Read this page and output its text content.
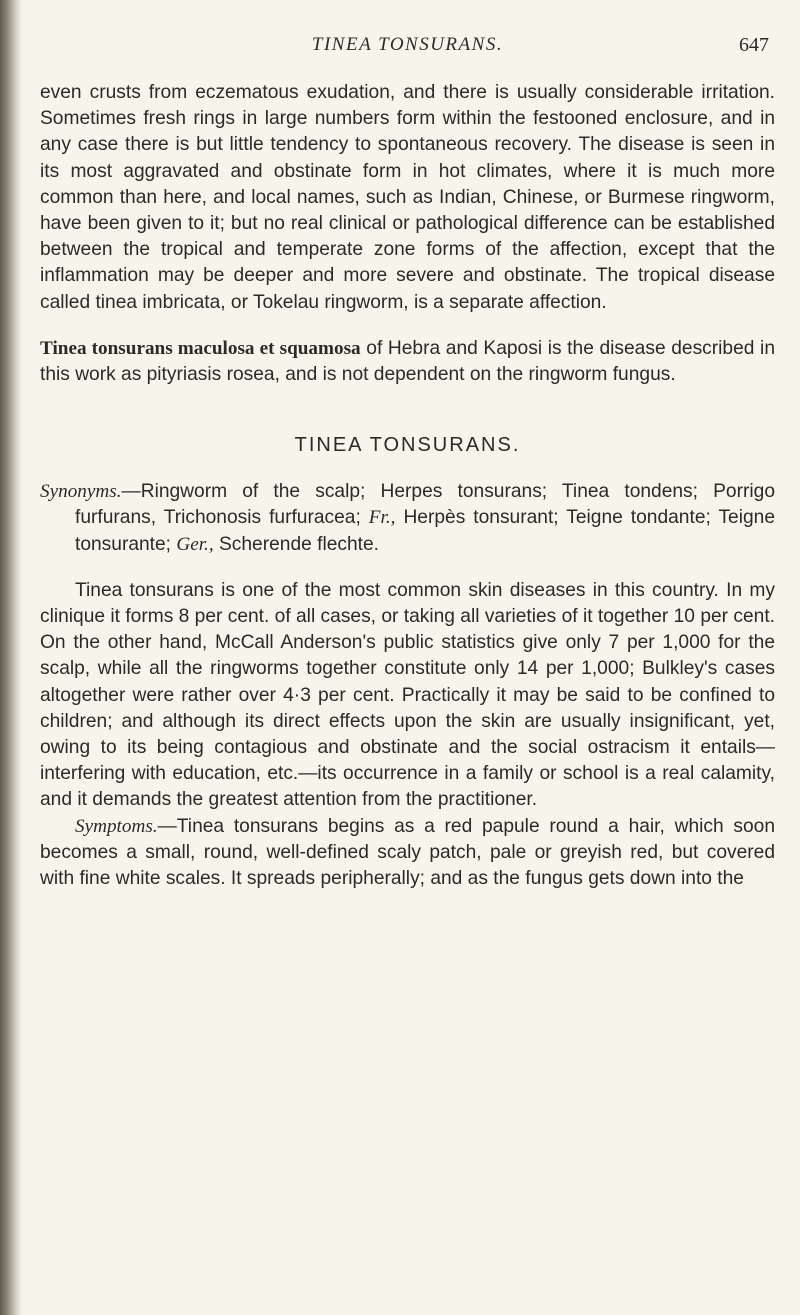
TINEA TONSURANS.	647

even crusts from eczematous exudation, and there is usually considerable irritation. Sometimes fresh rings in large numbers form within the festooned enclosure, and in any case there is but little tendency to spontaneous recovery. The disease is seen in its most aggravated and obstinate form in hot climates, where it is much more common than here, and local names, such as Indian, Chinese, or Burmese ringworm, have been given to it; but no real clinical or pathological difference can be established between the tropical and temperate zone forms of the affection, except that the inflammation may be deeper and more severe and obstinate. The tropical disease called tinea imbricata, or Tokelau ringworm, is a separate affection.

Tinea tonsurans maculosa et squamosa of Hebra and Kaposi is the disease described in this work as pityriasis rosea, and is not dependent on the ringworm fungus.

TINEA TONSURANS.

Synonyms.—Ringworm of the scalp; Herpes tonsurans; Tinea tondens; Porrigo furfurans, Trichonosis furfuracea; Fr., Herpès tonsurant; Teigne tondante; Teigne tonsurante; Ger., Scherende flechte.

Tinea tonsurans is one of the most common skin diseases in this country. In my clinique it forms 8 per cent. of all cases, or taking all varieties of it together 10 per cent. On the other hand, McCall Anderson's public statistics give only 7 per 1,000 for the scalp, while all the ringworms together constitute only 14 per 1,000; Bulkley's cases altogether were rather over 4·3 per cent. Practically it may be said to be confined to children; and although its direct effects upon the skin are usually insignificant, yet, owing to its being contagious and obstinate and the social ostracism it entails—interfering with education, etc.—its occurrence in a family or school is a real calamity, and it demands the greatest attention from the practitioner.

Symptoms.—Tinea tonsurans begins as a red papule round a hair, which soon becomes a small, round, well-defined scaly patch, pale or greyish red, but covered with fine white scales. It spreads peripherally; and as the fungus gets down into the
